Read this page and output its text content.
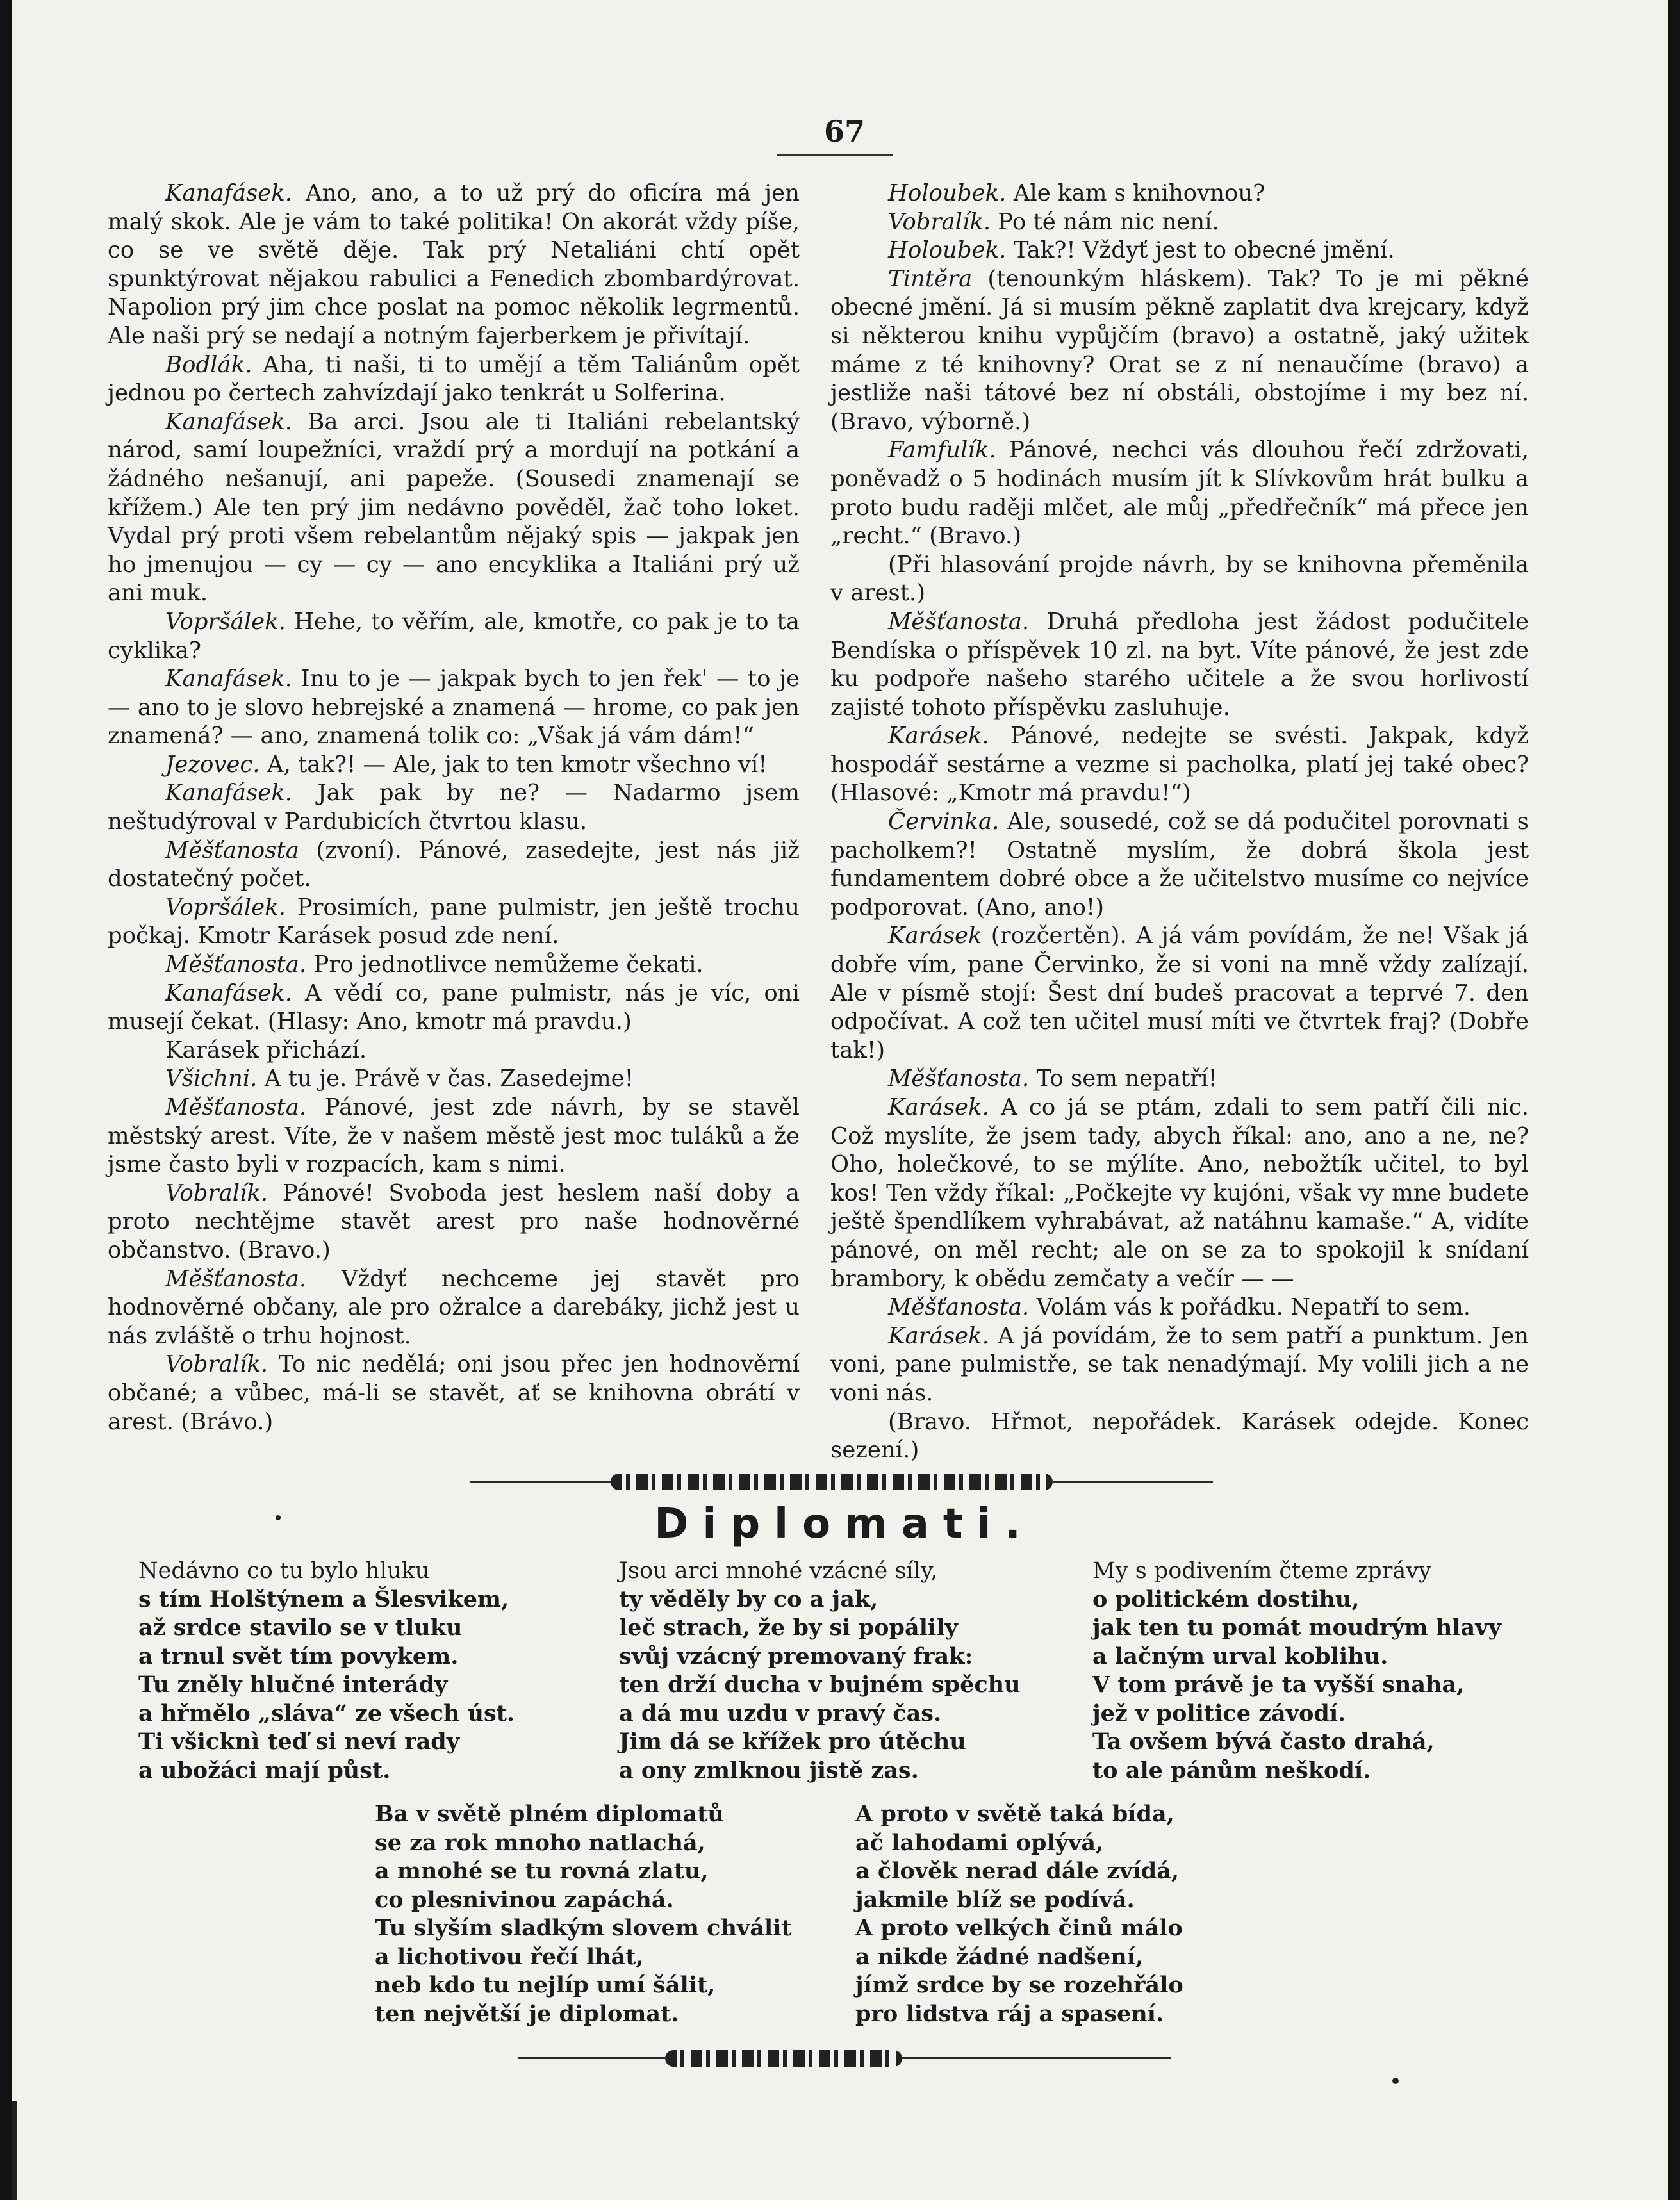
67

Kanafásek. Ano, ano, a to už prý do oficíra má jen malý skok. Ale je vám to také politika! On akorát vždy píše, co se ve světě děje. Tak prý Netaliáni chtí opět spunktýrovat nějakou rabulici a Fenedich zbombardýrovat. Napolion prý jim chce poslat na pomoc několik legrmentů. Ale naši prý se nedají a notným fajerberkem je přivítají.

Bodlák. Aha, ti naši, ti to umějí a těm Taliánům opět jednou po čertech zahvízdají jako tenkrát u Solferina.

Kanafásek. Ba arci. Jsou ale ti Italiáni rebelantský národ, samí loupežníci, vraždí prý a mordují na potkání a žádného nešanují, ani papeže. (Sousedi znamenají se křížem.) Ale ten prý jim nedávno pověděl, žač toho loket. Vydal prý proti všem rebelantům nějaký spis — jakpak jen ho jmenujou — cy — cy — ano encyklika a Italiáni prý už ani muk.

Vopršálek. Hehe, to věřím, ale, kmotře, co pak je to ta cyklika?

Kanafásek. Inu to je — jakpak bych to jen řek' — to je — ano to je slovo hebrejské a znamená — hrome, co pak jen znamená? — ano, znamená tolik co: „Však já vám dám!“

Jezovec. A, tak?! — Ale, jak to ten kmotr všechno ví!

Kanafásek. Jak pak by ne? — Nadarmo jsem neštudýroval v Pardubicích čtvrtou klasu.

Měšťanosta (zvoní). Pánové, zasedejte, jest nás již dostatečný počet.

Vopršálek. Prosimích, pane pulmistr, jen ještě trochu počkaj. Kmotr Karásek posud zde není.

Měšťanosta. Pro jednotlivce nemůžeme čekati.

Kanafásek. A vědí co, pane pulmistr, nás je víc, oni musejí čekat. (Hlasy: Ano, kmotr má pravdu.)

Karásek přichází.

Všichni. A tu je. Právě v čas. Zasedejme!

Měšťanosta. Pánové, jest zde návrh, by se stavěl městský arest. Víte, že v našem městě jest moc tuláků a že jsme často byli v rozpacích, kam s nimi.

Vobralík. Pánové! Svoboda jest heslem naší doby a proto nechtějme stavět arest pro naše hodnověrné občanstvo. (Bravo.)

Měšťanosta. Vždyť nechceme jej stavět pro hodnověrné občany, ale pro ožralce a darebáky, jichž jest u nás zvláště o trhu hojnost.

Vobralík. To nic nedělá; oni jsou přec jen hodnověrní občané; a vůbec, má-li se stavět, ať se knihovna obrátí v arest. (Brávo.)

Holoubek. Ale kam s knihovnou?

Vobralík. Po té nám nic není.

Holoubek. Tak?! Vždyť jest to obecné jmění.

Tintěra (tenounkým hláskem). Tak? To je mi pěkné obecné jmění. Já si musím pěkně zaplatit dva krejcary, když si některou knihu vypůjčím (bravo) a ostatně, jaký užitek máme z té knihovny? Orat se z ní nenaučíme (bravo) a jestliže naši tátové bez ní obstáli, obstojíme i my bez ní. (Bravo, výborně.)

Famfulík. Pánové, nechci vás dlouhou řečí zdržovati, poněvadž o 5 hodinách musím jít k Slívkovům hrát bulku a proto budu raději mlčet, ale můj „předřečník“ má přece jen „recht.“ (Bravo.)

(Při hlasování projde návrh, by se knihovna přeměnila v arest.)

Měšťanosta. Druhá předloha jest žádost podučitele Bendíska o příspěvek 10 zl. na byt. Víte pánové, že jest zde ku podpoře našeho starého učitele a že svou horlivostí zajisté tohoto příspěvku zasluhuje.

Karásek. Pánové, nedejte se svésti. Jakpak, když hospodář sestárne a vezme si pacholka, platí jej také obec? (Hlasové: „Kmotr má pravdu!“)

Červinka. Ale, sousedé, což se dá podučitel porovnati s pacholkem?! Ostatně myslím, že dobrá škola jest fundamentem dobré obce a že učitelstvo musíme co nejvíce podporovat. (Ano, ano!)

Karásek (rozčertěn). A já vám povídám, že ne! Však já dobře vím, pane Červinko, že si voni na mně vždy zalízají. Ale v písmě stojí: Šest dní budeš pracovat a teprvé 7. den odpočívat. A což ten učitel musí míti ve čtvrtek fraj? (Dobře tak!)

Měšťanosta. To sem nepatří!

Karásek. A co já se ptám, zdali to sem patří čili nic. Což myslíte, že jsem tady, abych říkal: ano, ano a ne, ne? Oho, holečkové, to se mýlíte. Ano, nebožtík učitel, to byl kos! Ten vždy říkal: „Počkejte vy kujóni, však vy mne budete ještě špendlíkem vyhrabávat, až natáhnu kamaše.“ A, vidíte pánové, on měl recht; ale on se za to spokojil k snídaní brambory, k obědu zemčaty a večír — —

Měšťanosta. Volám vás k pořádku. Nepatří to sem.

Karásek. A já povídám, že to sem patří a punktum. Jen voni, pane pulmistře, se tak nenadýmají. My volili jich a ne voni nás.

(Bravo. Hřmot, nepořádek. Karásek odejde. Konec sezení.)

Diplomati.
Nedávno co tu bylo hluku
s tím Holštýnem a Šlesvikem,
až srdce stavilo se v tluku
a trnul svět tím povykem.
Tu zněly hlučné interády
a hřmělo „sláva“ ze všech úst.
Ti všicknì teď si neví rady
a ubožáci mají půst.
Jsou arci mnohé vzácné síly,
ty věděly by co a jak,
leč strach, že by si popálily
svůj vzácný premovaný frak:
ten drží ducha v bujném spěchu
a dá mu uzdu v pravý čas.
Jim dá se křížek pro útěchu
a ony zmlknou jistě zas.
My s podivením čteme zprávy
o politickém dostihu,
jak ten tu pomát moudrým hlavy
a lačným urval koblihu.
V tom právě je ta vyšší snaha,
jež v politice závodí.
Ta ovšem bývá často drahá,
to ale pánům neškodí.
Ba v světě plném diplomatů
se za rok mnoho natlachá,
a mnohé se tu rovná zlatu,
co plesnivinou zapáchá.
Tu slyším sladkým slovem chválit
a lichotivou řečí lhát,
neb kdo tu nejlíp umí šálit,
ten největší je diplomat.
A proto v světě taká bída,
ač lahodami oplývá,
a člověk nerad dále zvídá,
jakmile blíž se podívá.
A proto velkých činů málo
a nikde žádné nadšení,
jímž srdce by se rozehřálo
pro lidstva ráj a spasení.
